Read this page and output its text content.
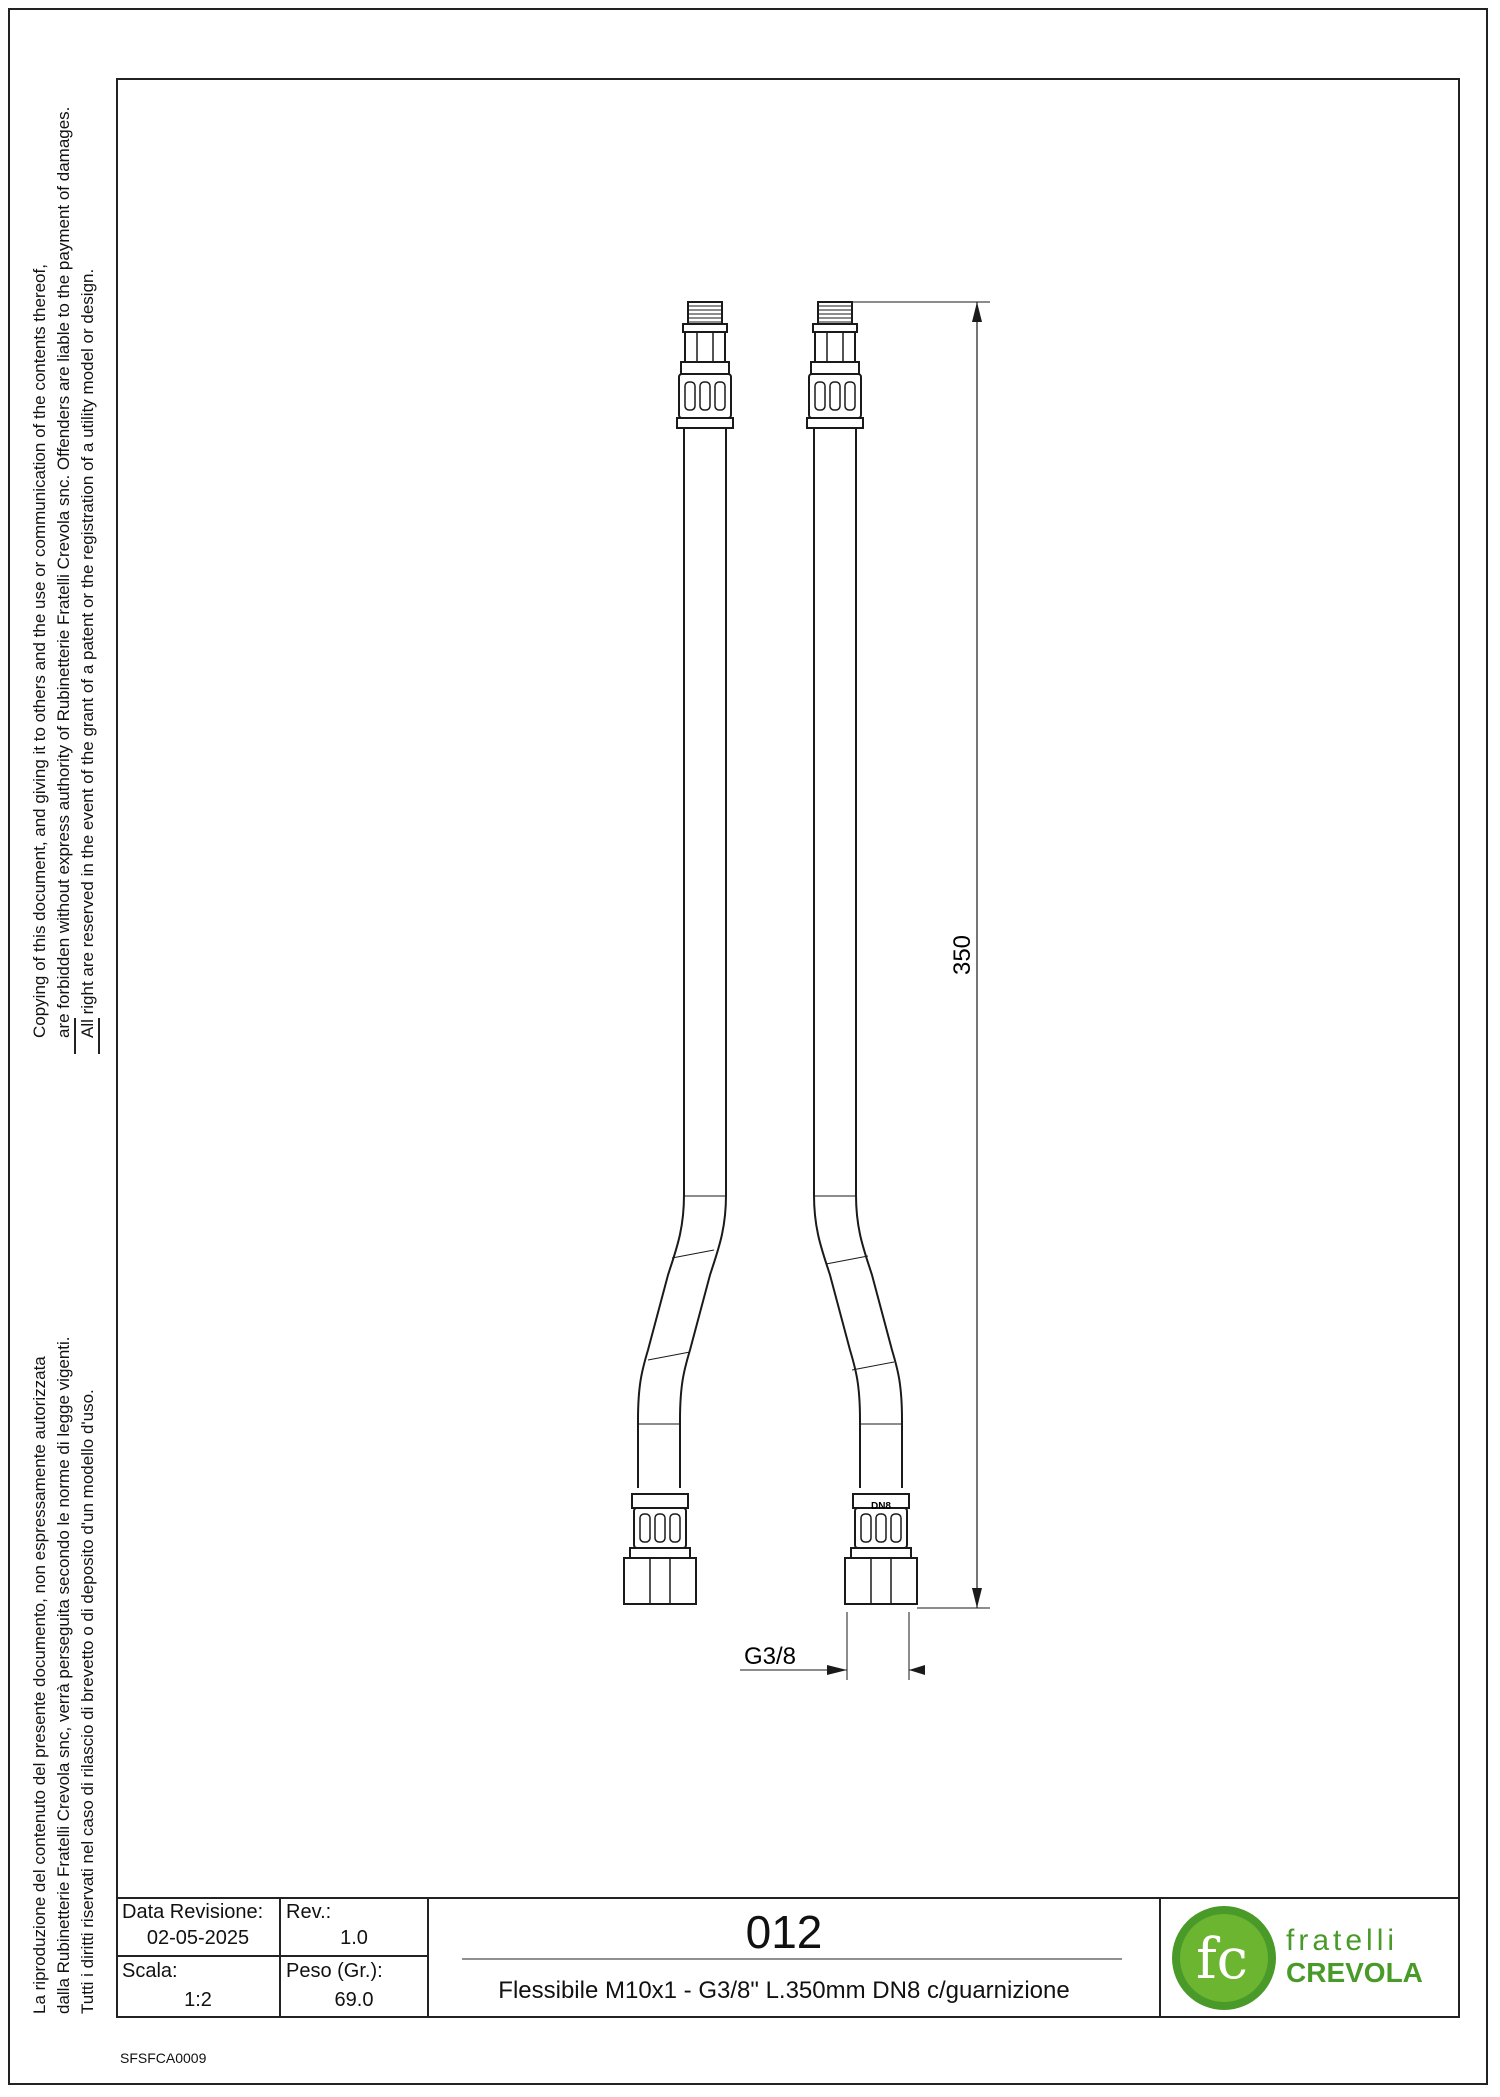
Copying of this document, and giving it to others and the use or communication of the contents thereof, are forbidden without express authority of Rubinetterie Fratelli Crevola snc. Offenders are liable to the payment of damages. All right are reserved in the event of the grant of a patent or the registration of a utility model or design.
La riproduzione del contenuto del presente documento, non espressamente autorizzata dalla Rubinetterie Fratelli Crevola snc, verrà perseguita secondo le norme di legge vigenti. Tutti i diritti riservati nel caso di rilascio di brevetto o di deposito d'un modello d'uso.	DN8
350
G3/8
Data Revisione:
02-05-2025
Rev.:
1.0
Scala:
1:2
Peso (Gr.):
69.0
012
Flessibile M10x1 - G3/8" L.350mm DN8 c/guarnizione	fc fratelli
CREVOLA
SFSFCA0009
